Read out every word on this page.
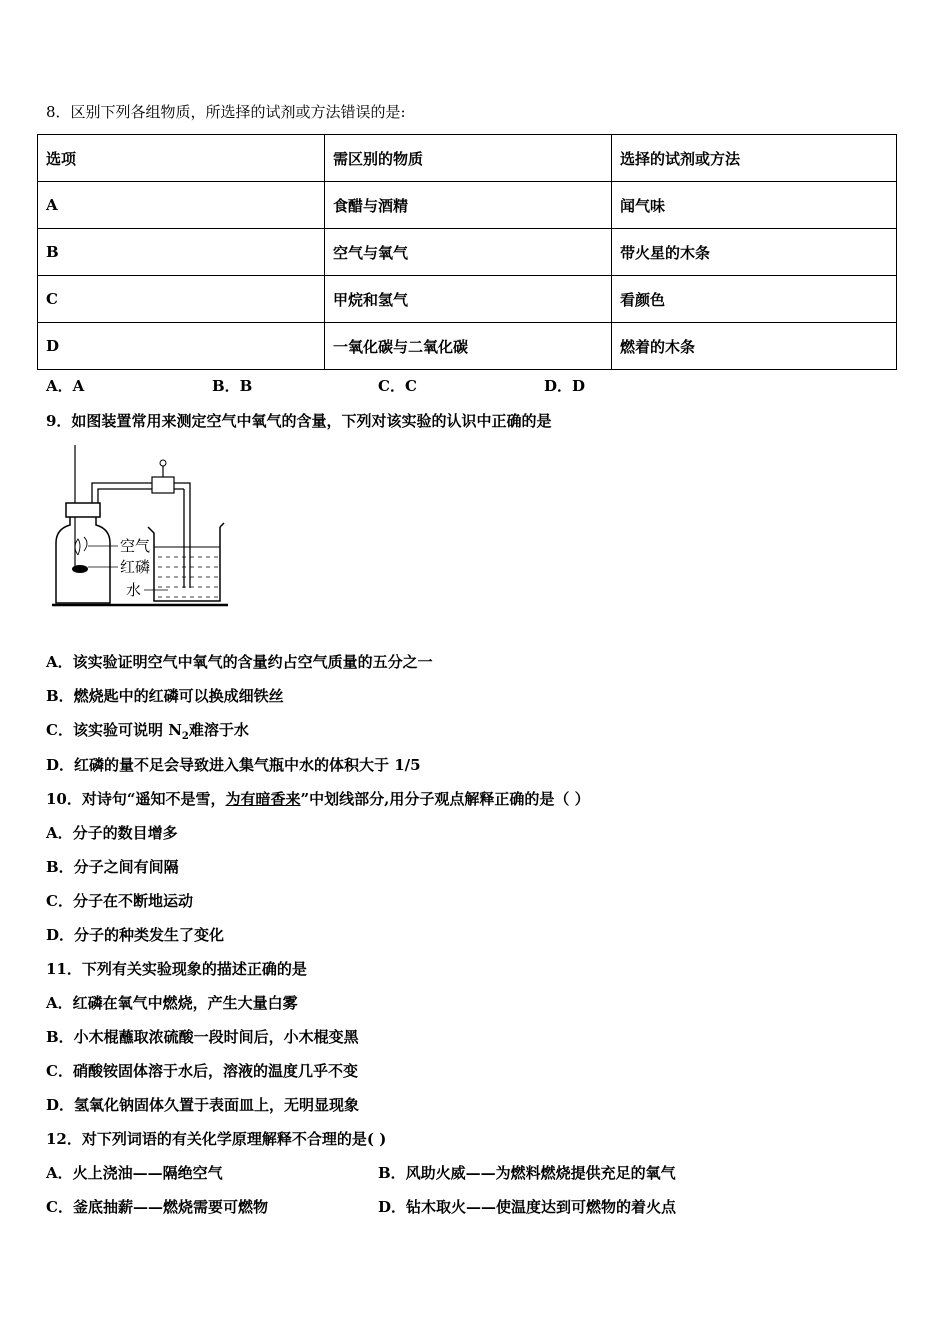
8．区别下列各组物质，所选择的试剂或方法错误的是:
选项	需区别的物质	选择的试剂或方法
A	食醋与酒精	闻气味
B	空气与氧气	带火星的木条
C	甲烷和氢气	看颜色
D	一氧化碳与二氧化碳	燃着的木条
A．A	B．B	C．C	D．D
9．如图装置常用来测定空气中氧气的含量，下列对该实验的认识中正确的是
空气
红磷
水
A．该实验证明空气中氧气的含量约占空气质量的五分之一
B．燃烧匙中的红磷可以换成细铁丝
C．该实验可说明 $N_2$难溶于水
D．红磷的量不足会导致进入集气瓶中水的体积大于 1/5
10．对诗句“遥知不是雪，为有暗香来”中划线部分,用分子观点解释正确的是（ ）
A．分子的数目增多
B．分子之间有间隔
C．分子在不断地运动
D．分子的种类发生了变化
11．下列有关实验现象的描述正确的是
A．红磷在氧气中燃烧，产生大量白雾
B．小木棍蘸取浓硫酸一段时间后，小木棍变黑
C．硝酸铵固体溶于水后，溶液的温度几乎不变
D．氢氧化钠固体久置于表面皿上，无明显现象
12．对下列词语的有关化学原理解释不合理的是( )
A．火上浇油——隔绝空气	B．风助火威——为燃料燃烧提供充足的氧气
C．釜底抽薪——燃烧需要可燃物	D．钻木取火——使温度达到可燃物的着火点
